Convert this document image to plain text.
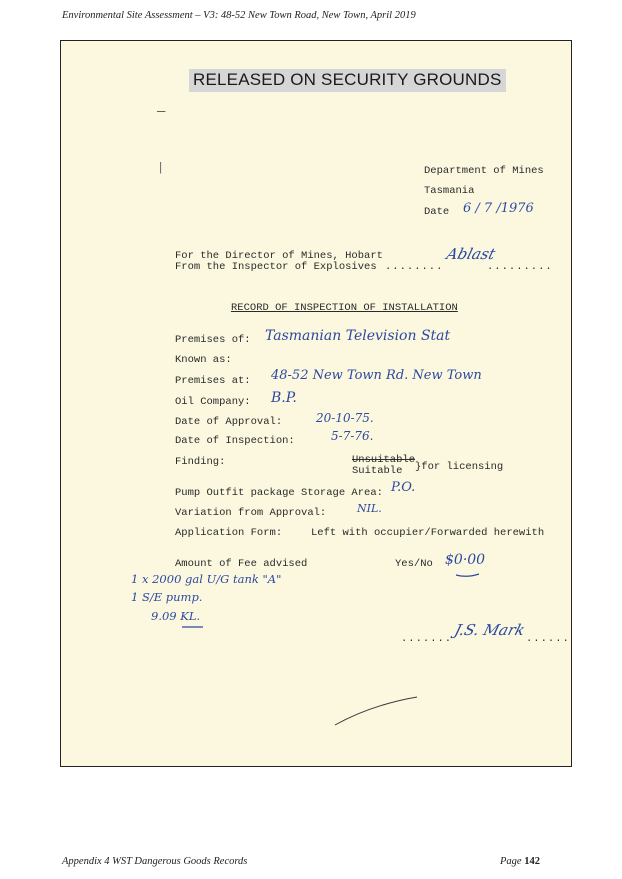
Environmental Site Assessment – V3: 48-52 New Town Road, New Town, April 2019
RELEASED ON SECURITY GROUNDS
—
|	Department of Mines
Tasmania
Date 6 / 7 /1976
For the Director of Mines, Hobart
From the Inspector of Explosives ........
Ablast
.........
RECORD OF INSPECTION OF INSTALLATION
Premises of: Tasmanian Television Stat
Known as:
Premises at: 48-52 New Town Rd. New Town
Oil Company: B.P.
Date of Approval:	20-10-75.
Date of Inspection:	5-7-76.
Finding:	Unsuitable
Suitable }for licensing
Pump Outfit package Storage Area: P.O.
Variation from Approval:	NIL.
Application Form:	Left with occupier/Forwarded herewith
Amount of Fee advised	Yes/No $0·00
1 x 2000 gal U/G tank "A"
1 S/E pump.
9.09 KL.
....... J.S. Mark ......
Appendix 4 WST Dangerous Goods Records	Page 142
